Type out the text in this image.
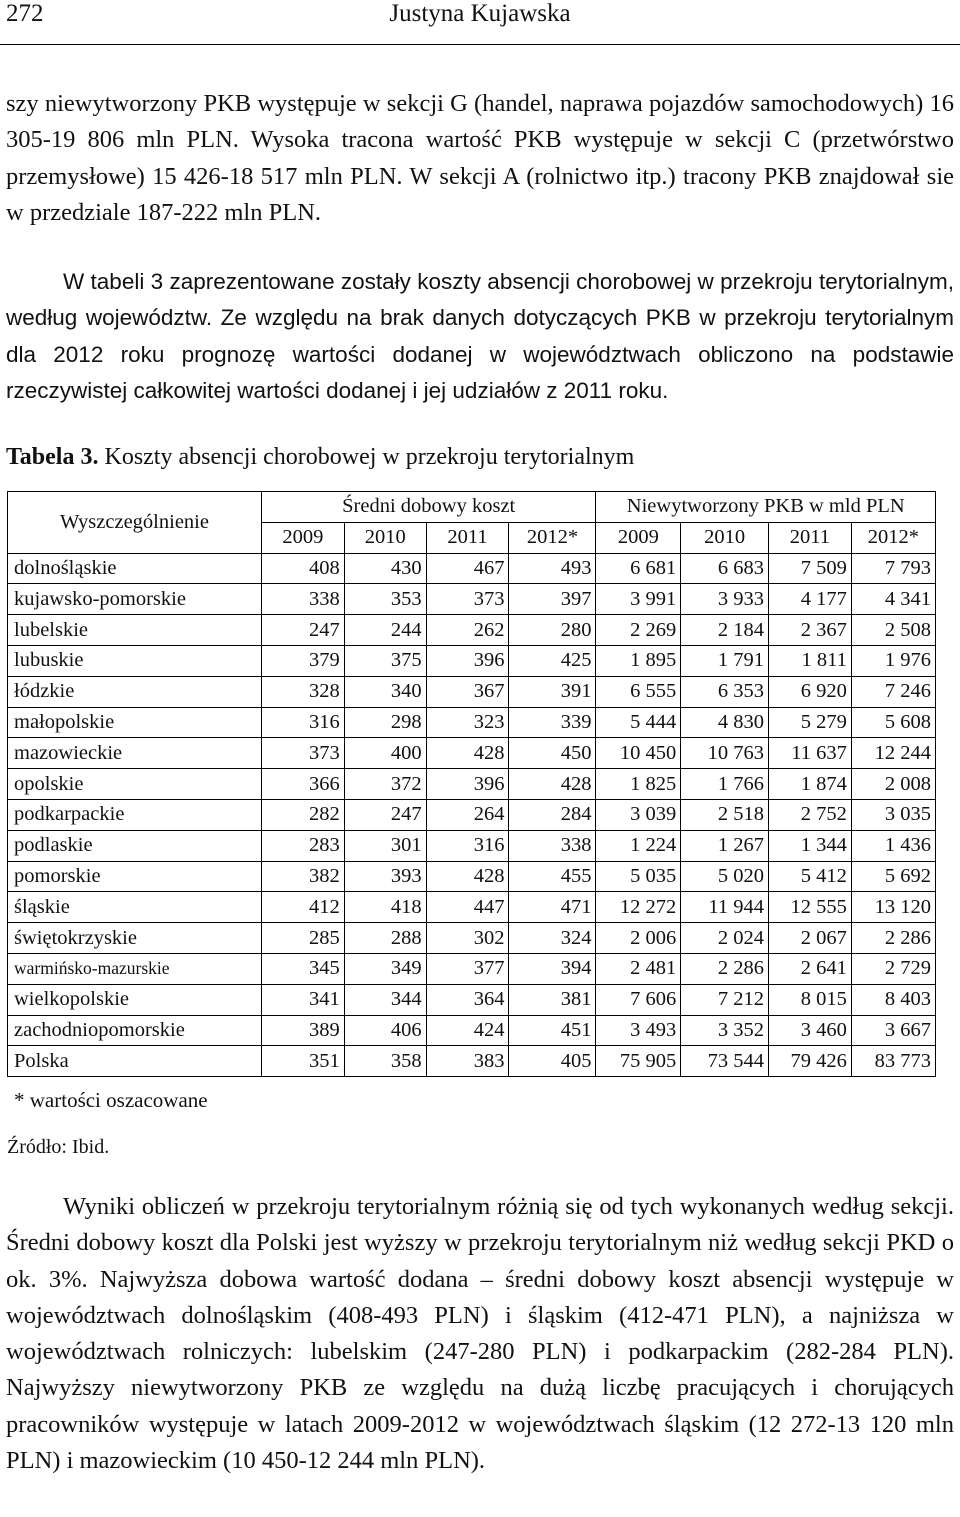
272	Justyna Kujawska

szy niewytworzony PKB występuje w sekcji G (handel, naprawa pojazdów samochodowych) 16 305-19 806 mln PLN. Wysoka tracona wartość PKB występuje w sekcji C (przetwórstwo przemysłowe) 15 426-18 517 mln PLN. W sekcji A (rolnictwo itp.) tracony PKB znajdował sie w przedziale 187-222 mln PLN.

W tabeli 3 zaprezentowane zostały koszty absencji chorobowej w przekroju terytorialnym, według województw. Ze względu na brak danych dotyczących PKB w przekroju terytorialnym dla 2012 roku prognozę wartości dodanej w województwach obliczono na podstawie rzeczywistej całkowitej wartości dodanej i jej udziałów z 2011 roku.

Tabela 3. Koszty absencji chorobowej w przekroju terytorialnym
Wyszczególnienie	Średni dobowy koszt				Niewytworzony PKB w mld PLN			
	2009	2010	2011	2012*	2009	2010	2011	2012*
dolnośląskie	408	430	467	493	6 681	6 683	7 509	7 793
kujawsko-pomorskie	338	353	373	397	3 991	3 933	4 177	4 341
lubelskie	247	244	262	280	2 269	2 184	2 367	2 508
lubuskie	379	375	396	425	1 895	1 791	1 811	1 976
łódzkie	328	340	367	391	6 555	6 353	6 920	7 246
małopolskie	316	298	323	339	5 444	4 830	5 279	5 608
mazowieckie	373	400	428	450	10 450	10 763	11 637	12 244
opolskie	366	372	396	428	1 825	1 766	1 874	2 008
podkarpackie	282	247	264	284	3 039	2 518	2 752	3 035
podlaskie	283	301	316	338	1 224	1 267	1 344	1 436
pomorskie	382	393	428	455	5 035	5 020	5 412	5 692
śląskie	412	418	447	471	12 272	11 944	12 555	13 120
świętokrzyskie	285	288	302	324	2 006	2 024	2 067	2 286
warmińsko-mazurskie	345	349	377	394	2 481	2 286	2 641	2 729
wielkopolskie	341	344	364	381	7 606	7 212	8 015	8 403
zachodniopomorskie	389	406	424	451	3 493	3 352	3 460	3 667
Polska	351	358	383	405	75 905	73 544	79 426	83 773
* wartości oszacowane
Źródło: Ibid.

Wyniki obliczeń w przekroju terytorialnym różnią się od tych wykonanych według sekcji. Średni dobowy koszt dla Polski jest wyższy w przekroju terytorialnym niż według sekcji PKD o ok. 3%. Najwyższa dobowa wartość dodana – średni dobowy koszt absencji występuje w województwach dolnośląskim (408-493 PLN) i śląskim (412-471 PLN), a najniższa w województwach rolniczych: lubelskim (247-280 PLN) i podkarpackim (282-284 PLN). Najwyższy niewytworzony PKB ze względu na dużą liczbę pracujących i chorujących pracowników występuje w latach 2009-2012 w województwach śląskim (12 272-13 120 mln PLN) i mazowieckim (10 450-12 244 mln PLN).
